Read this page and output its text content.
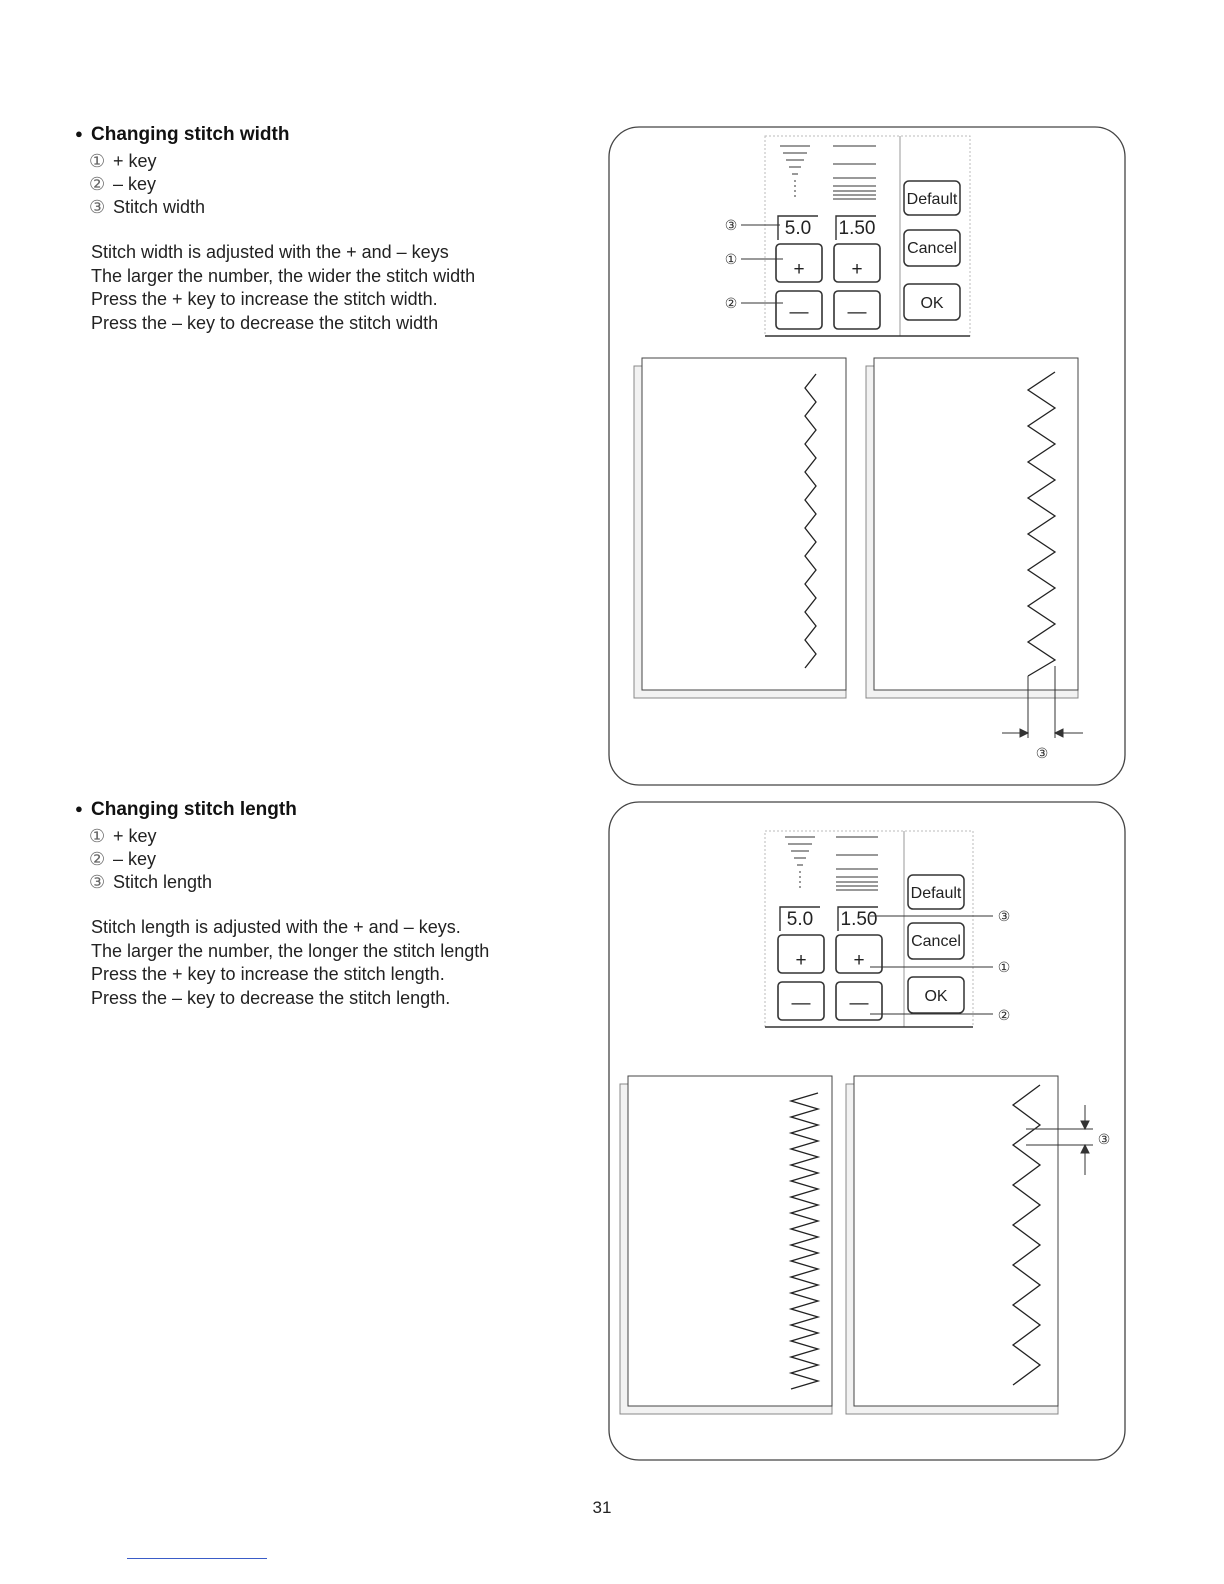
● Changing stitch width
① + key
② – key
③ Stitch width

Stitch width is adjusted with the + and – keys

The larger the number, the wider the stitch width

Press the + key to increase the stitch width.

Press the – key to decrease the stitch width

● Changing stitch length
① + key
② – key
③ Stitch length

Stitch length is adjusted with the + and – keys.

The larger the number, the longer the stitch length

Press the + key to increase the stitch length.

Press the – key to decrease the stitch length.

5.0 1.50
+ +
— —
Default
Cancel
OK
③
①
②
③
5.0 1.50
+ +
— —
Default
Cancel
OK
③
①
②
③
31
